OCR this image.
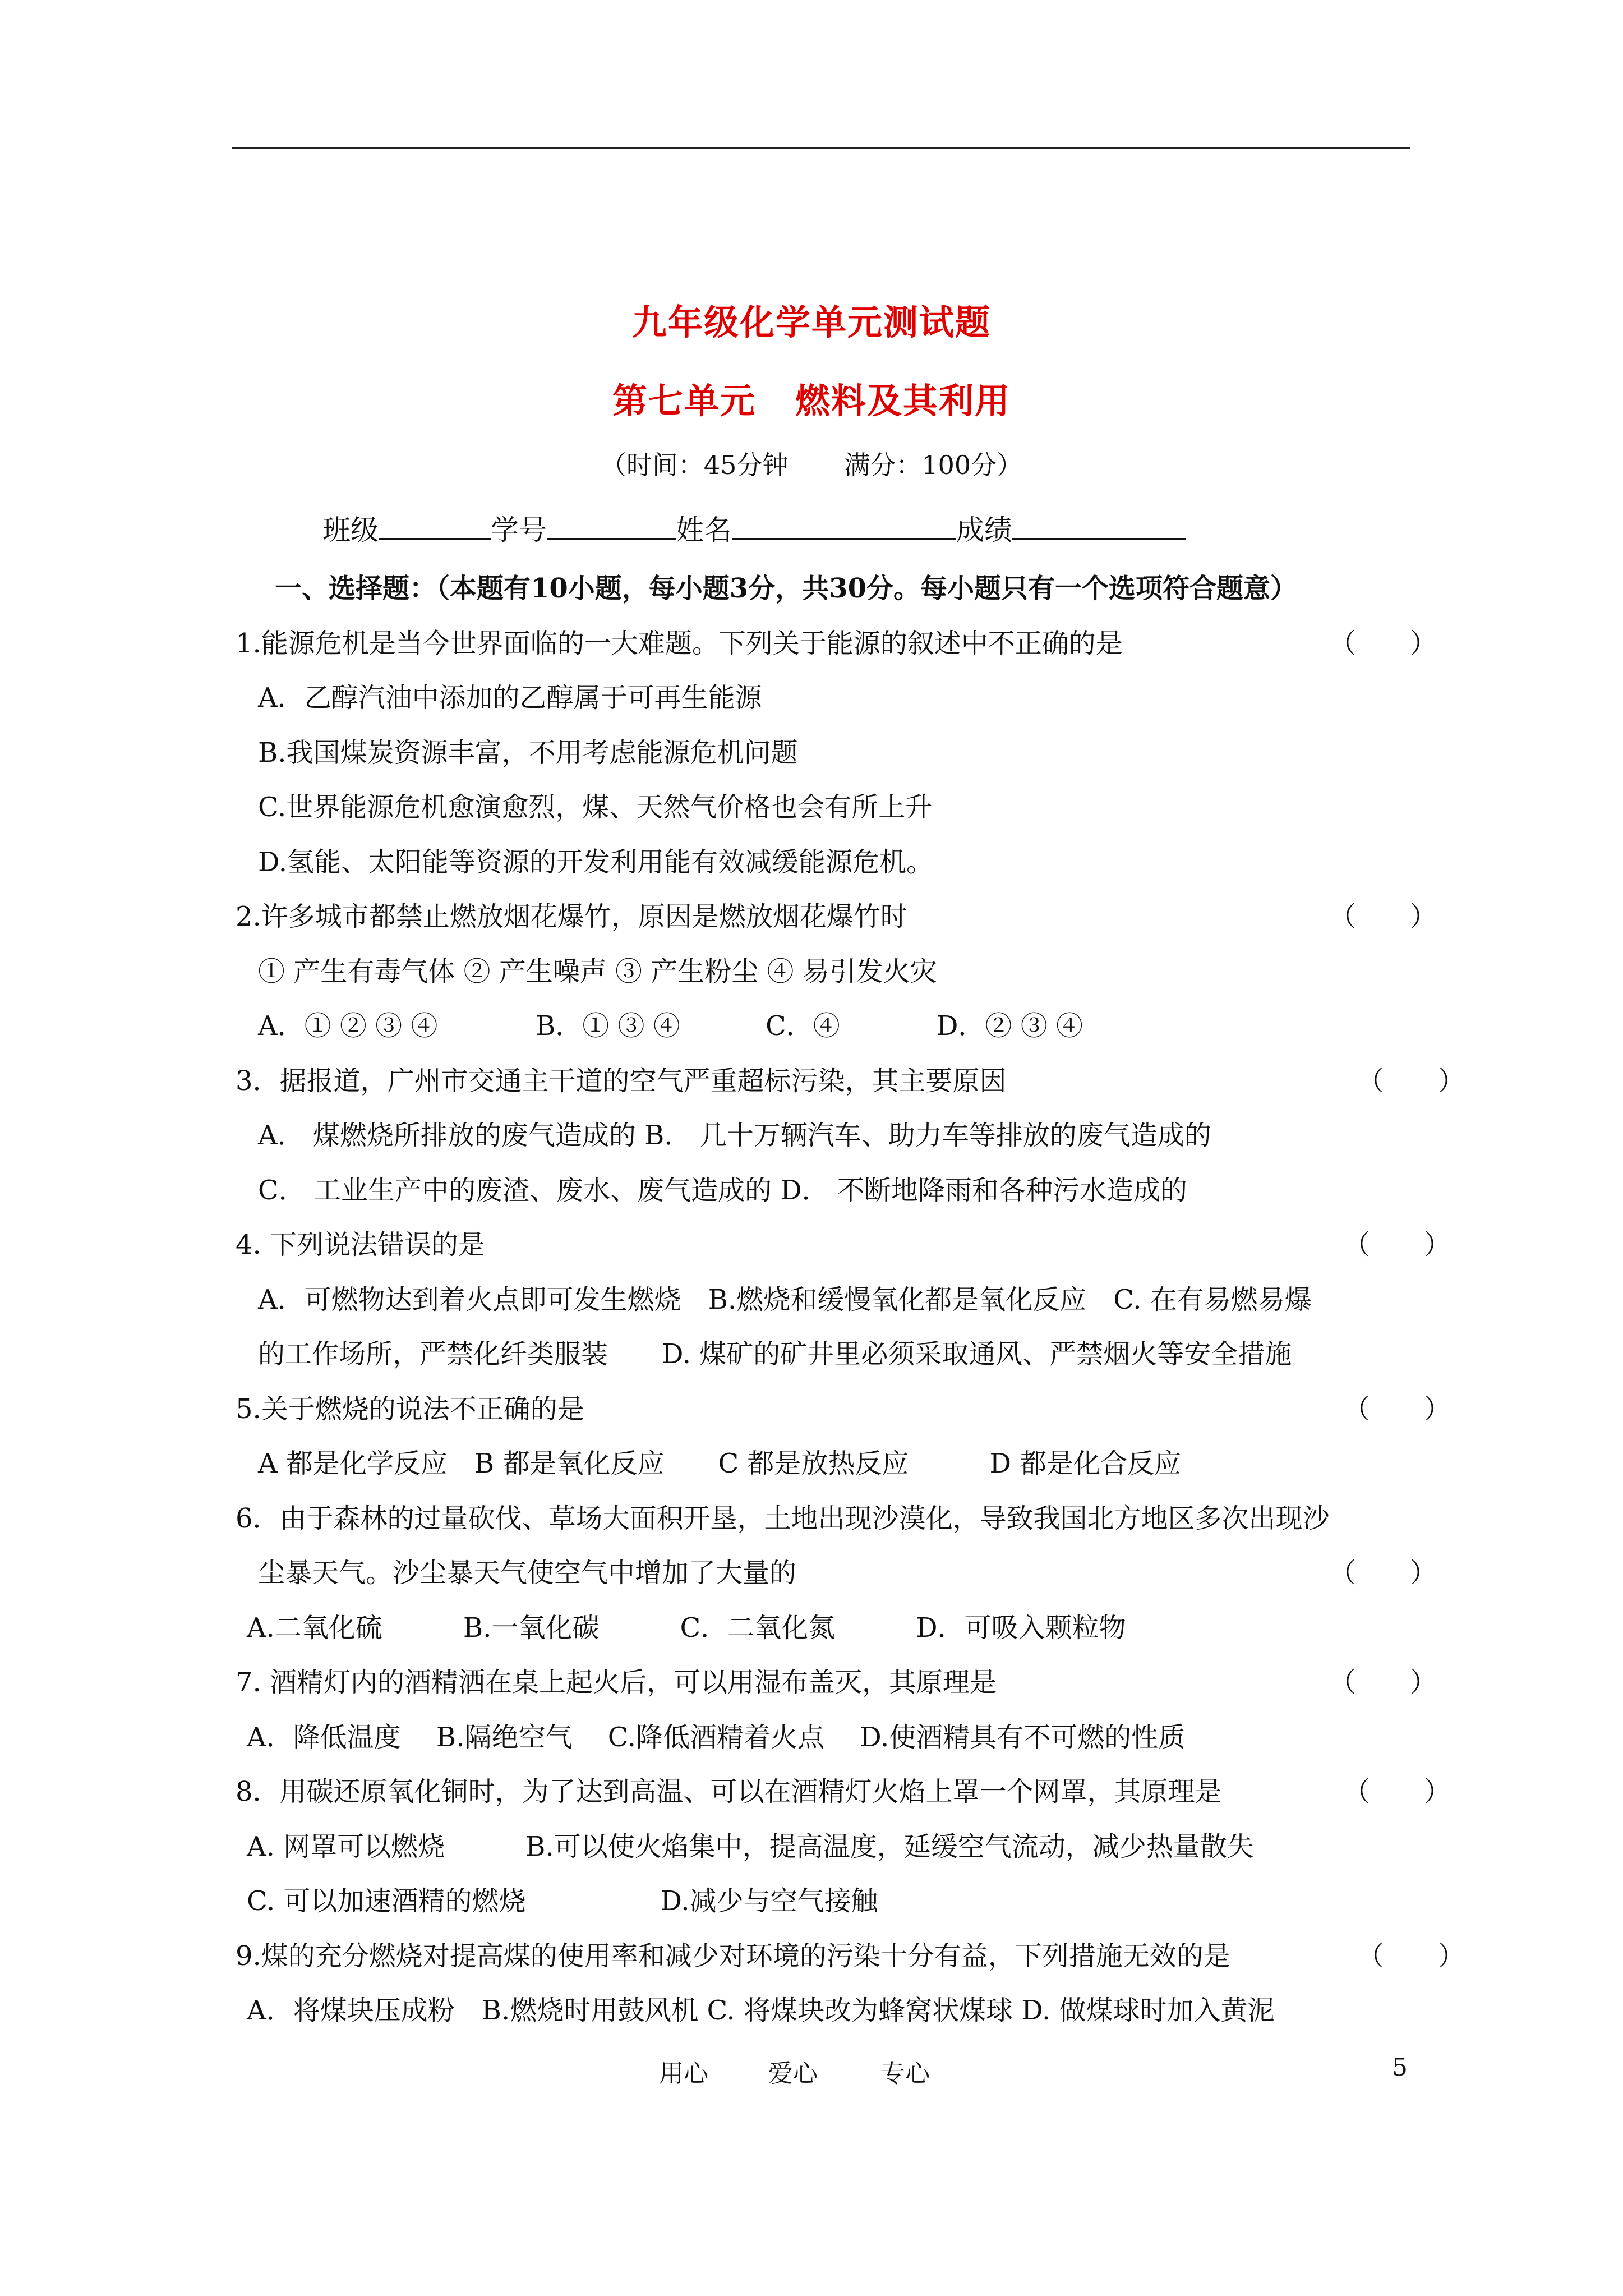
九年级化学单元测试题
第七单元 燃料及其利用
（时间：45分钟 满分：100分）
班级	学号	姓名	成绩
一、选择题：（本题有10小题，每小题3分，共30分。每小题只有一个选项符合题意）
1.能源危机是当今世界面临的一大难题。下列关于能源的叙述中不正确的是	（　　）
A．乙醇汽油中添加的乙醇属于可再生能源
B.我国煤炭资源丰富，不用考虑能源危机问题
C.世界能源危机愈演愈烈，煤、天然气价格也会有所上升
D.氢能、太阳能等资源的开发利用能有效减缓能源危机。
2.许多城市都禁止燃放烟花爆竹，原因是燃放烟花爆竹时	（　　）
① 产生有毒气体 ② 产生噪声 ③ 产生粉尘 ④ 易引发火灾
A．① ② ③ ④	B．① ③ ④	C．④	D．② ③ ④
3．据报道，广州市交通主干道的空气严重超标污染，其主要原因	（　　）
A． 煤燃烧所排放的废气造成的 B． 几十万辆汽车、助力车等排放的废气造成的
C． 工业生产中的废渣、废水、废气造成的 D． 不断地降雨和各种污水造成的
4. 下列说法错误的是	（　　）
A．可燃物达到着火点即可发生燃烧　B.燃烧和缓慢氧化都是氧化反应　C. 在有易燃易爆
的工作场所，严禁化纤类服装　　D. 煤矿的矿井里必须采取通风、严禁烟火等安全措施
5.关于燃烧的说法不正确的是	（　　）
A 都是化学反应　B 都是氧化反应　　C 都是放热反应　　　D 都是化合反应
6．由于森林的过量砍伐、草场大面积开垦，土地出现沙漠化，导致我国北方地区多次出现沙
尘暴天气。沙尘暴天气使空气中增加了大量的	（　　）
A.二氧化硫　　　B.一氧化碳　　　C．二氧化氮　　　D．可吸入颗粒物
7. 酒精灯内的酒精洒在桌上起火后，可以用湿布盖灭，其原理是	（　　）
A．降低温度　 B.隔绝空气　 C.降低酒精着火点　 D.使酒精具有不可燃的性质
8．用碳还原氧化铜时，为了达到高温、可以在酒精灯火焰上罩一个网罩，其原理是	（　　）
A. 网罩可以燃烧　　　B.可以使火焰集中，提高温度，延缓空气流动，减少热量散失
C. 可以加速酒精的燃烧　　　　　D.减少与空气接触
9.煤的充分燃烧对提高煤的使用率和减少对环境的污染十分有益，下列措施无效的是	（　　）
A．将煤块压成粉　B.燃烧时用鼓风机 C. 将煤块改为蜂窝状煤球 D. 做煤球时加入黄泥
用心 爱心	专心	5
